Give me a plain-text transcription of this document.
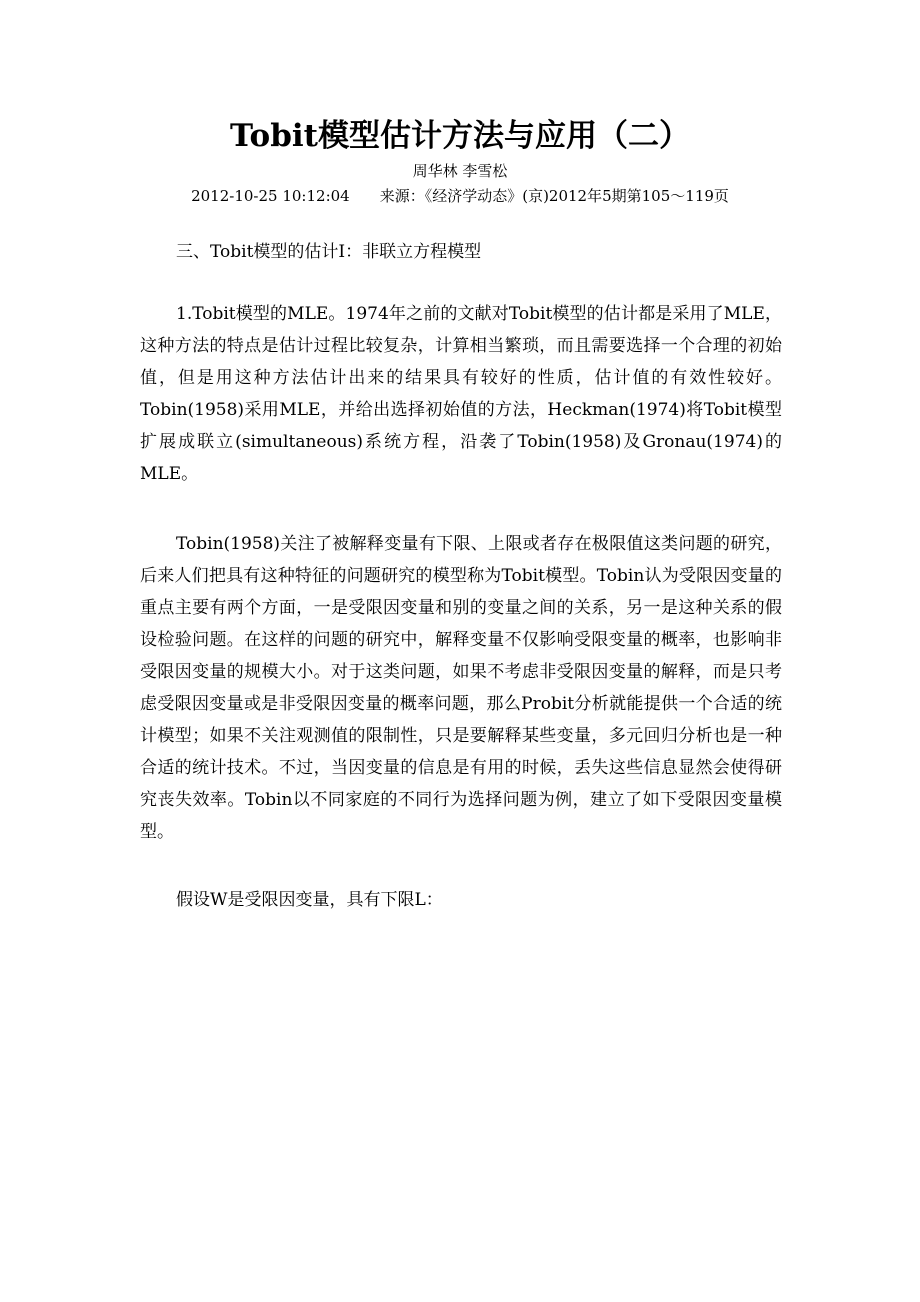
Tobit模型估计方法与应用（二）
周华林 李雪松
2012-10-25 10:12:04 来源：《经济学动态》(京)2012年5期第105～119页

三、Tobit模型的估计Ⅰ：非联立方程模型

1.Tobit模型的MLE。1974年之前的文献对Tobit模型的估计都是采用了MLE，这种方法的特点是估计过程比较复杂，计算相当繁琐，而且需要选择一个合理的初始值，但是用这种方法估计出来的结果具有较好的性质，估计值的有效性较好。Tobin(1958)采用MLE，并给出选择初始值的方法，Heckman(1974)将Tobit模型扩展成联立(simultaneous)系统方程，沿袭了Tobin(1958)及Gronau(1974)的MLE。

Tobin(1958)关注了被解释变量有下限、上限或者存在极限值这类问题的研究，后来人们把具有这种特征的问题研究的模型称为Tobit模型。Tobin认为受限因变量的重点主要有两个方面，一是受限因变量和别的变量之间的关系，另一是这种关系的假设检验问题。在这样的问题的研究中，解释变量不仅影响受限变量的概率，也影响非受限因变量的规模大小。对于这类问题，如果不考虑非受限因变量的解释，而是只考虑受限因变量或是非受限因变量的概率问题，那么Probit分析就能提供一个合适的统计模型；如果不关注观测值的限制性，只是要解释某些变量，多元回归分析也是一种合适的统计技术。不过，当因变量的信息是有用的时候，丢失这些信息显然会使得研究丧失效率。Tobin以不同家庭的不同行为选择问题为例，建立了如下受限因变量模型。

假设W是受限因变量，具有下限L：
